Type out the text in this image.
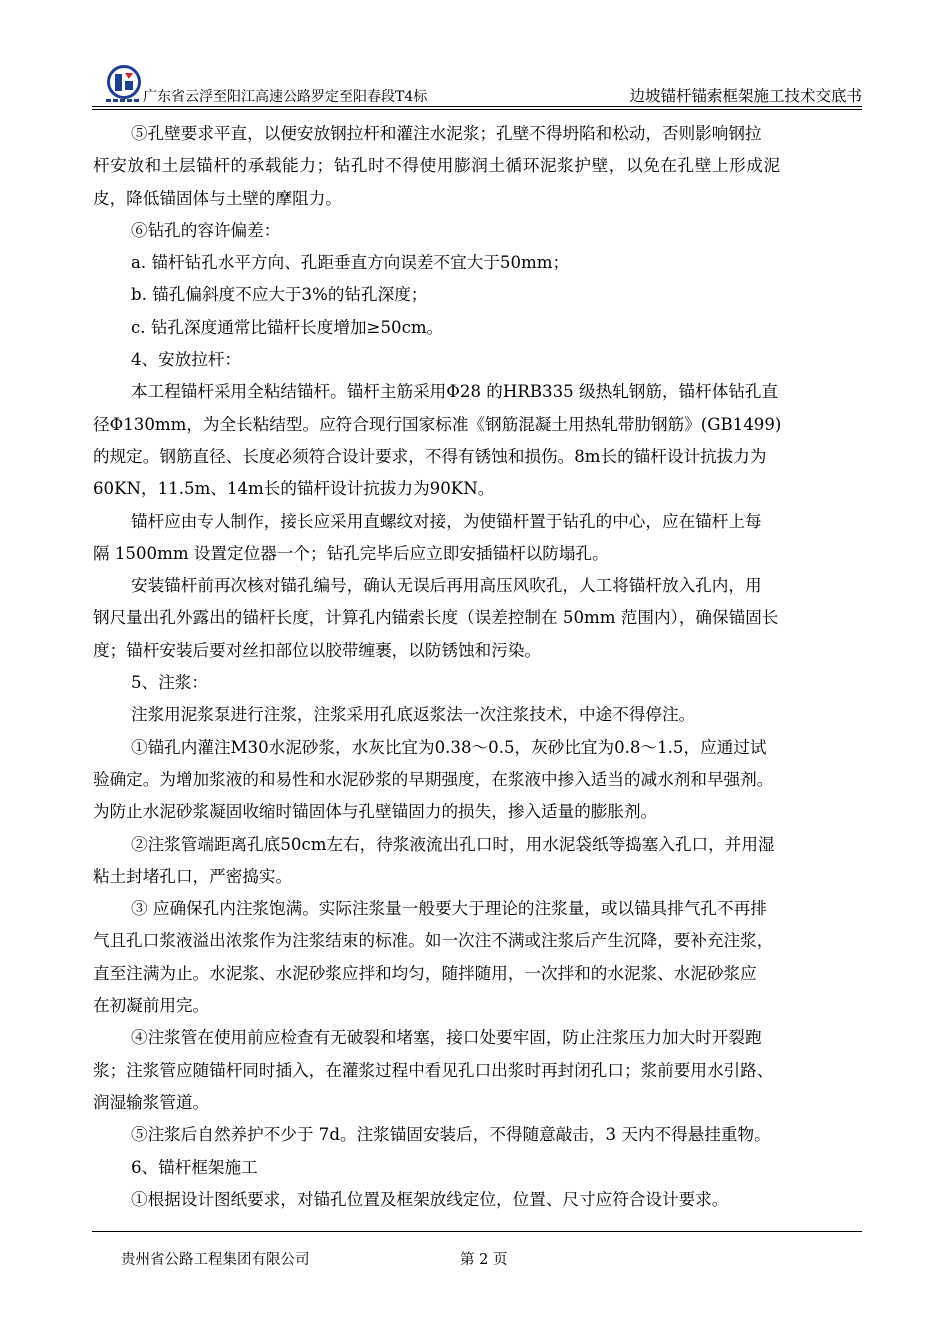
广东省云浮至阳江高速公路罗定至阳春段T4标	边坡锚杆锚索框架施工技术交底书
⑤孔壁要求平直，以便安放钢拉杆和灌注水泥浆；孔壁不得坍陷和松动，否则影响钢拉
杆安放和土层锚杆的承载能力；钻孔时不得使用膨润土循环泥浆护壁，以免在孔壁上形成泥
皮，降低锚固体与土壁的摩阻力。
⑥钻孔的容许偏差：
a. 锚杆钻孔水平方向、孔距垂直方向误差不宜大于50mm；
b. 锚孔偏斜度不应大于3%的钻孔深度；
c. 钻孔深度通常比锚杆长度增加≥50cm。
4、安放拉杆：
本工程锚杆采用全粘结锚杆。锚杆主筋采用Φ28 的HRB335 级热轧钢筋，锚杆体钻孔直
径Φ130mm，为全长粘结型。应符合现行国家标准《钢筋混凝土用热轧带肋钢筋》(GB1499)
的规定。钢筋直径、长度必须符合设计要求，不得有锈蚀和损伤。8m长的锚杆设计抗拔力为
60KN，11.5m、14m长的锚杆设计抗拔力为90KN。
锚杆应由专人制作，接长应采用直螺纹对接，为使锚杆置于钻孔的中心，应在锚杆上每
隔 1500mm 设置定位器一个；钻孔完毕后应立即安插锚杆以防塌孔。
安装锚杆前再次核对锚孔编号，确认无误后再用高压风吹孔，人工将锚杆放入孔内，用
钢尺量出孔外露出的锚杆长度，计算孔内锚索长度（误差控制在 50mm 范围内），确保锚固长
度；锚杆安装后要对丝扣部位以胶带缠裹，以防锈蚀和污染。
5、注浆：
注浆用泥浆泵进行注浆，注浆采用孔底返浆法一次注浆技术，中途不得停注。
①锚孔内灌注M30水泥砂浆，水灰比宜为0.38～0.5，灰砂比宜为0.8～1.5，应通过试
验确定。为增加浆液的和易性和水泥砂浆的早期强度，在浆液中掺入适当的减水剂和早强剂。
为防止水泥砂浆凝固收缩时锚固体与孔壁锚固力的损失，掺入适量的膨胀剂。
②注浆管端距离孔底50cm左右，待浆液流出孔口时，用水泥袋纸等捣塞入孔口，并用湿
粘土封堵孔口，严密捣实。
③ 应确保孔内注浆饱满。实际注浆量一般要大于理论的注浆量，或以锚具排气孔不再排
气且孔口浆液溢出浓浆作为注浆结束的标准。如一次注不满或注浆后产生沉降，要补充注浆，
直至注满为止。水泥浆、水泥砂浆应拌和均匀，随拌随用，一次拌和的水泥浆、水泥砂浆应
在初凝前用完。
④注浆管在使用前应检查有无破裂和堵塞，接口处要牢固，防止注浆压力加大时开裂跑
浆；注浆管应随锚杆同时插入，在灌浆过程中看见孔口出浆时再封闭孔口；浆前要用水引路、
润湿输浆管道。
⑤注浆后自然养护不少于 7d。注浆锚固安装后，不得随意敲击，3 天内不得悬挂重物。
6、锚杆框架施工
①根据设计图纸要求，对锚孔位置及框架放线定位，位置、尺寸应符合设计要求。
贵州省公路工程集团有限公司	第 2 页
